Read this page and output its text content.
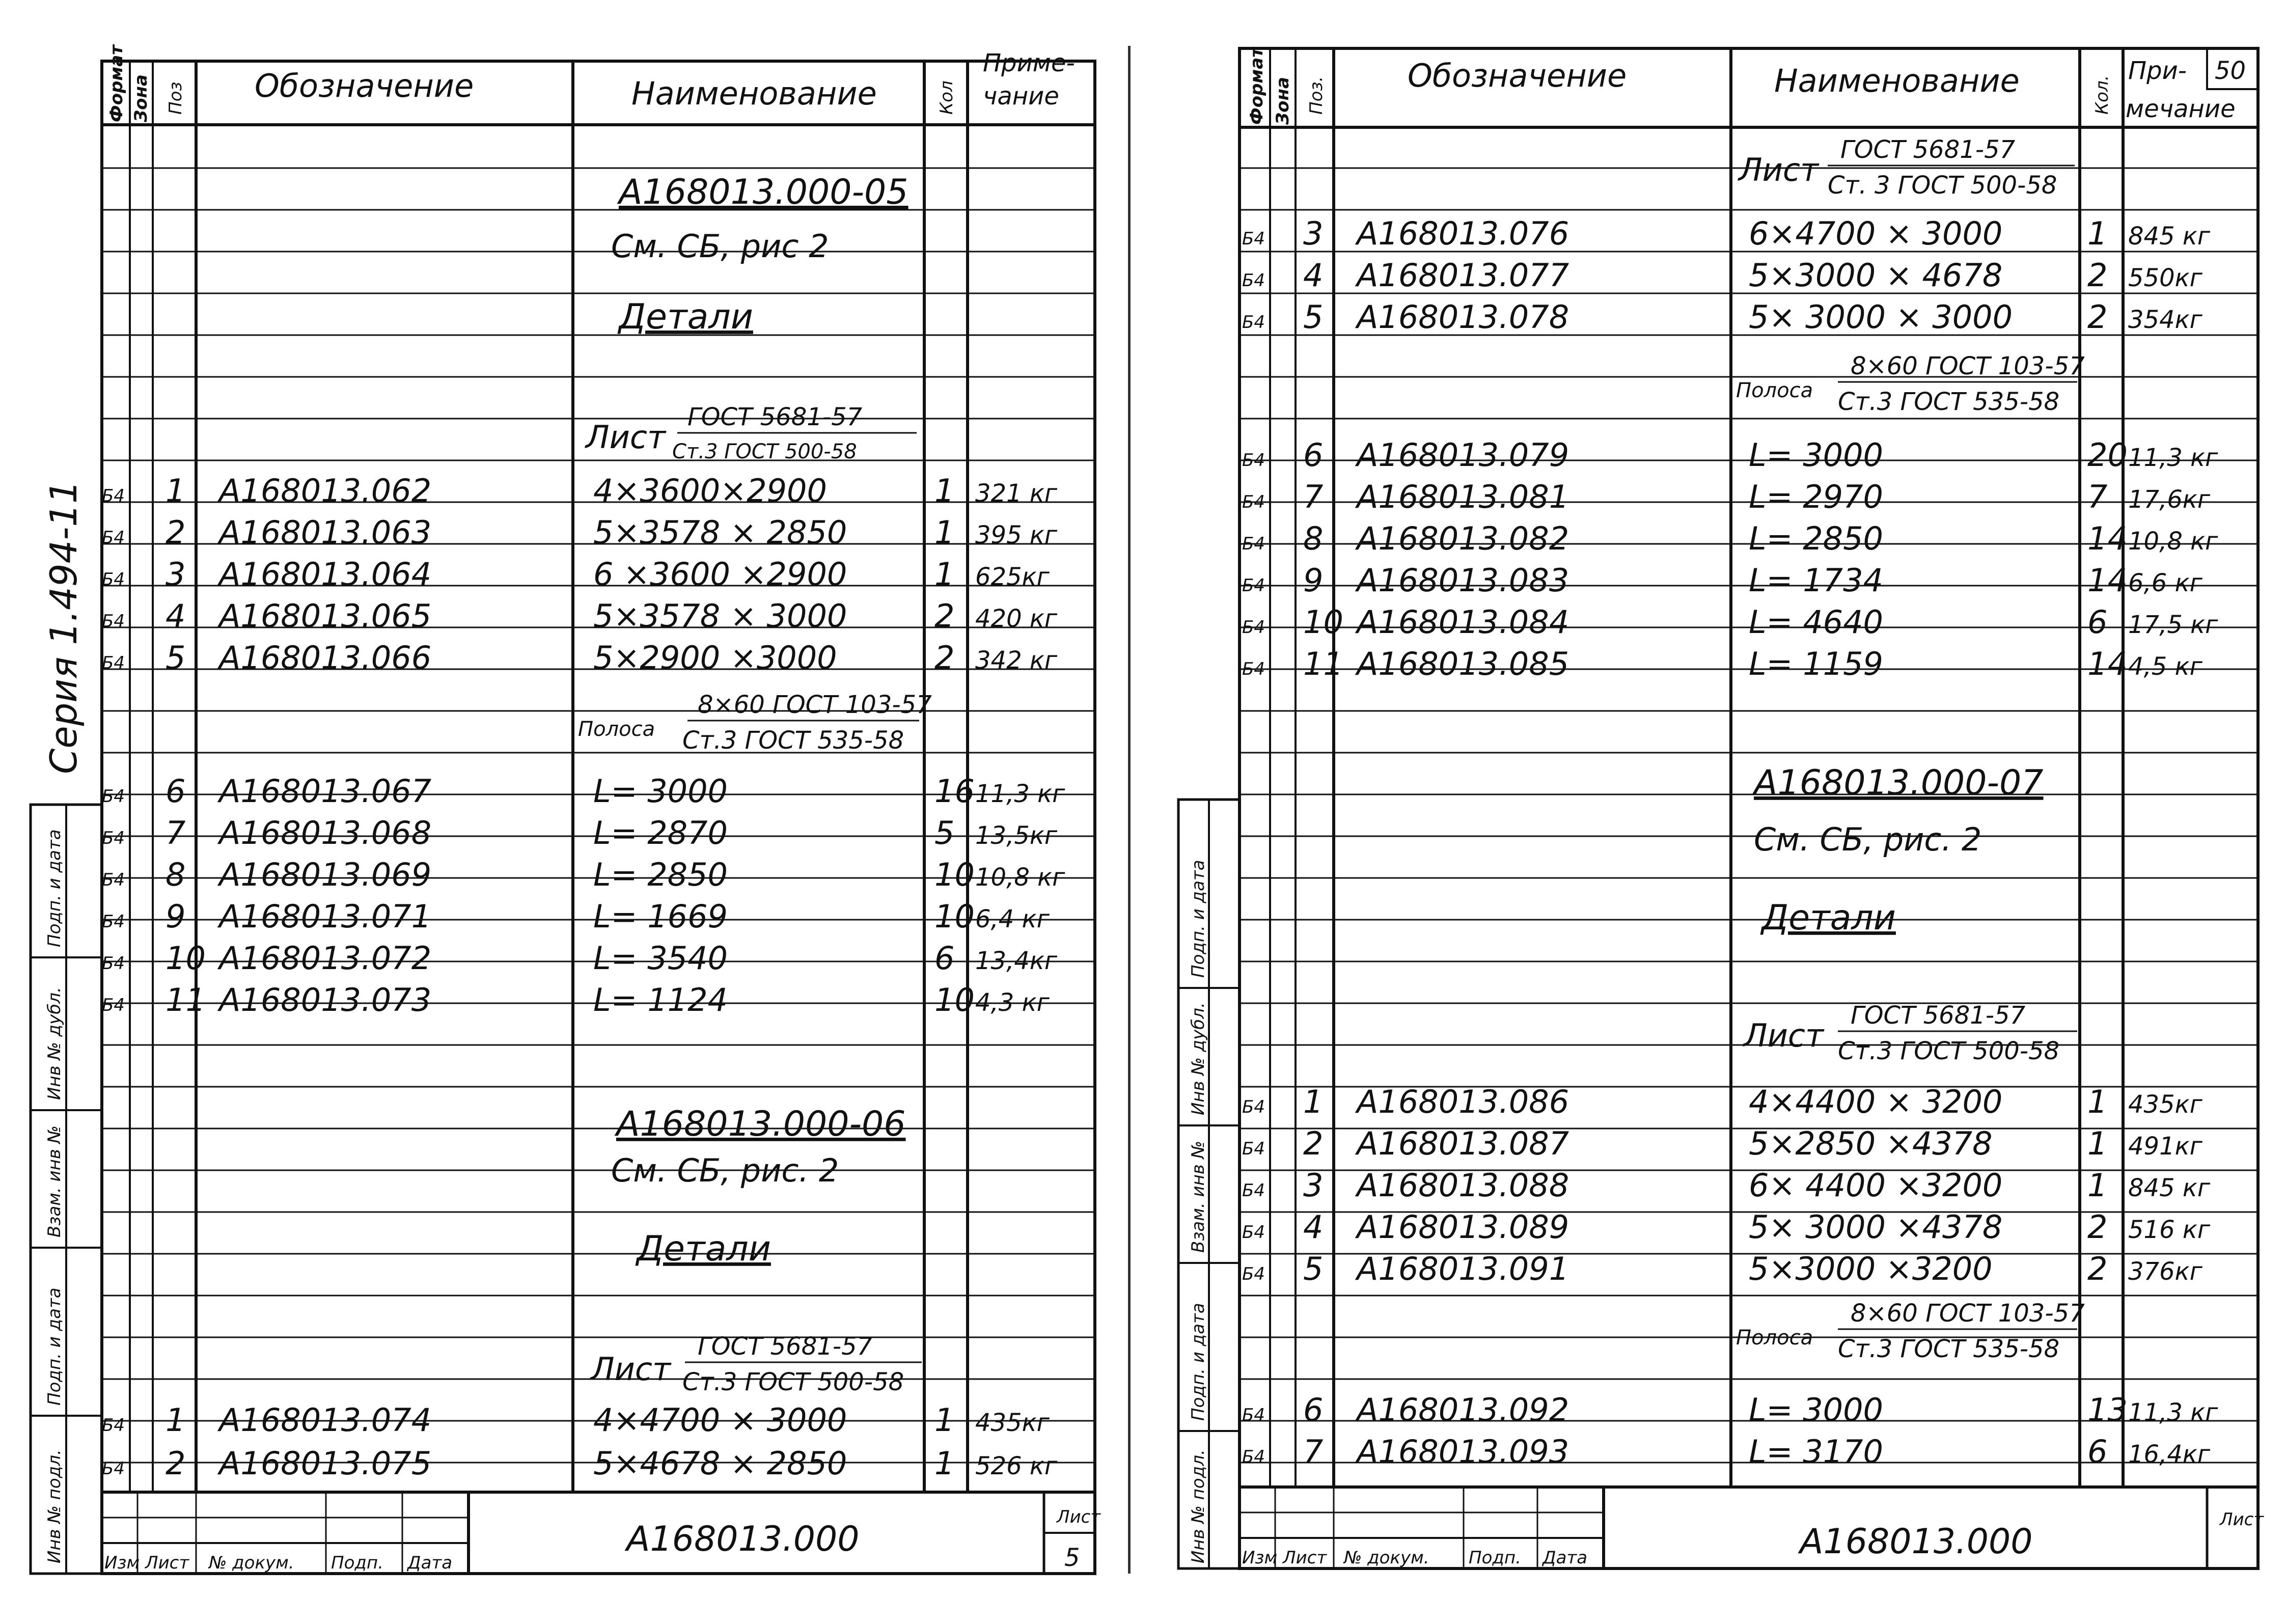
Серия 1.494-11
Инв № подл.
Подп. и дата
Взам. инв №
Инв № дубл.
Подп. и дата
Формат Зона Поз Обозначение	Наименование	Кол
Приме-
чание
А168013.000-05
См. СБ, рис 2
Детали
Лист
ГОСТ 5681-57
Ст.3 ГОСТ 500-58
Б4 1 А168013.062	4×3600×2900	1 321 кг
Б4 2 А168013.063	5×3578 × 2850	1 395 кг
Б4 3 А168013.064	6 ×3600 ×2900	1 625кг
Б4 4 А168013.065	5×3578 × 3000	2 420 кг
Б4 5 А168013.066	5×2900 ×3000	2 342 кг
Полоса
8×60 ГОСТ 103-57
Ст.3 ГОСТ 535-58
Б4 6 А168013.067	L= 3000	16 11,3 кг
Б4 7 А168013.068	L= 2870	5 13,5кг
Б4 8 А168013.069	L= 2850	10 10,8 кг
Б4 9 А168013.071	L= 1669	10 6,4 кг
Б4 10 А168013.072	L= 3540	6 13,4кг
Б4 11 А168013.073	L= 1124	10 4,3 кг
А168013.000-06
См. СБ, рис. 2
Детали
Лист
ГОСТ 5681-57
Ст.3 ГОСТ 500-58
Б4 1 А168013.074	4×4700 × 3000	1 435кг
Б4 2 А168013.075	5×4678 × 2850	1 526 кг
Изм Лист № докум. Подп. Дата
А168013.000
Лист
5	Инв № подл.
Подп. и дата
Взам. инв №
Инв № дубл.
Подп. и дата
Формат Зона Поз.
Обозначение	Наименование	Кол.
При-
мечание
50
Лист
ГОСТ 5681-57
Ст. 3 ГОСТ 500-58
Б4 3 А168013.076	6×4700 × 3000	1 845 кг
Б4 4 А168013.077	5×3000 × 4678	2 550кг
Б4 5 А168013.078	5× 3000 × 3000 2 354кг
Полоса
8×60 ГОСТ 103-57
Ст.3 ГОСТ 535-58
Б4 6 А168013.079	L= 3000	20 11,3 кг
Б4 7 А168013.081	L= 2970	7 17,6кг
Б4 8 А168013.082	L= 2850	14 10,8 кг
Б4 9 А168013.083	L= 1734	14 6,6 кг
Б4 10 А168013.084	L= 4640	6 17,5 кг
Б4 11 А168013.085	L= 1159	14 4,5 кг
А168013.000-07
См. СБ, рис. 2
Детали
Лист
ГОСТ 5681-57
Ст.3 ГОСТ 500-58
Б4 1 А168013.086	4×4400 × 3200	1 435кг
Б4 2 А168013.087	5×2850 ×4378	1 491кг
Б4 3 А168013.088	6× 4400 ×3200	1 845 кг
Б4 4 А168013.089	5× 3000 ×4378	2 516 кг
Б4 5 А168013.091	5×3000 ×3200	2 376кг
Полоса
8×60 ГОСТ 103-57
Ст.3 ГОСТ 535-58
Б4 6 А168013.092	L= 3000	13 11,3 кг
Б4 7 А168013.093	L= 3170	6 16,4кг
Изм Лист № докум. Подп. Дата	А168013.000
Лист
